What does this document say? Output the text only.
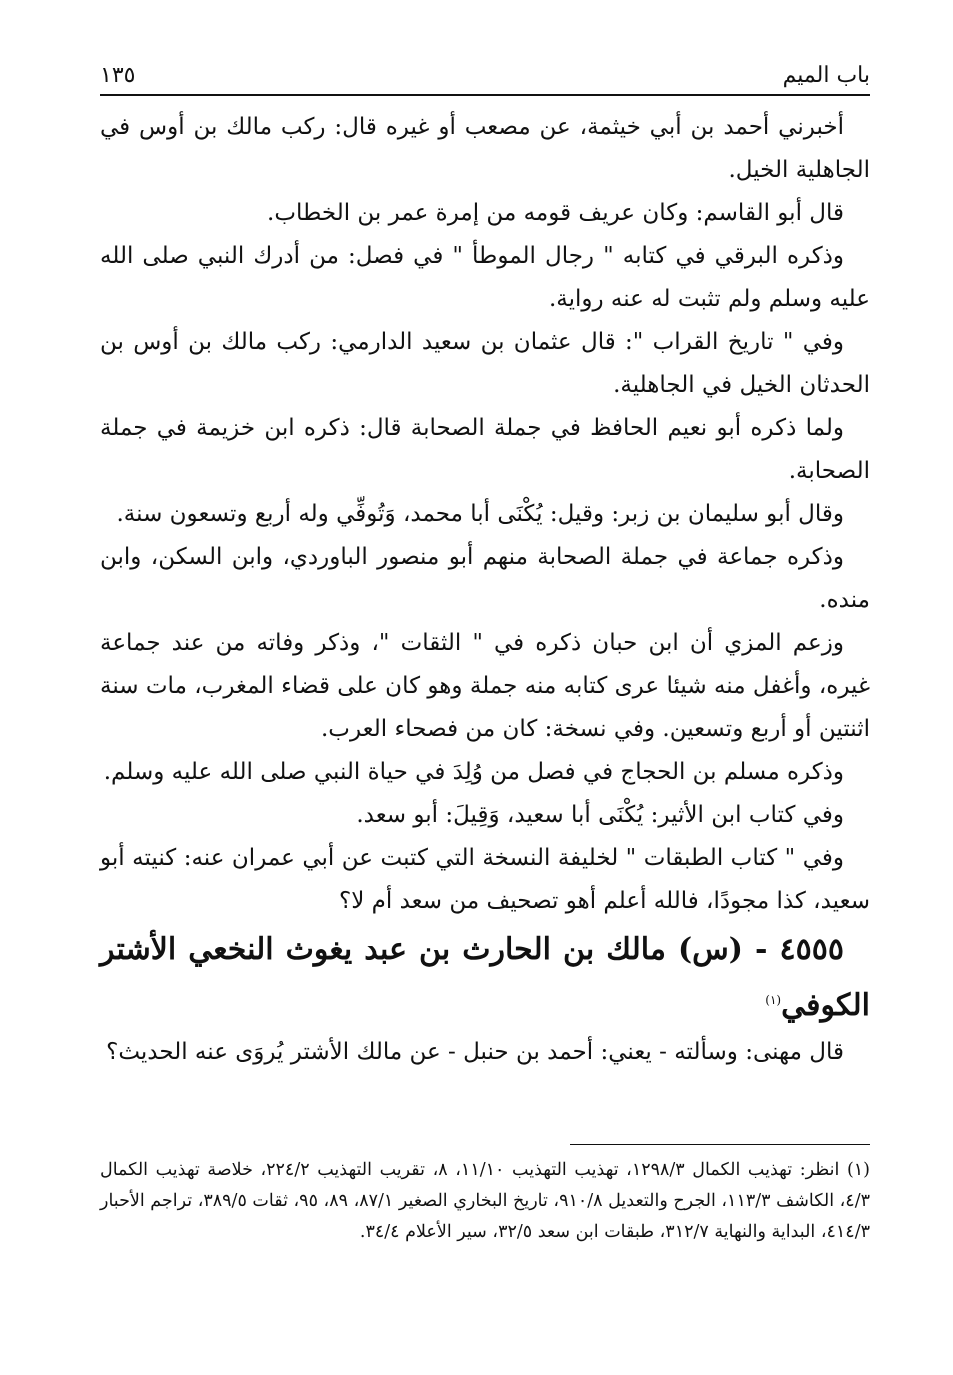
باب الميم
١٣٥

أخبرني أحمد بن أبي خيثمة، عن مصعب أو غيره قال: ركب مالك بن أوس في الجاهلية الخيل.

قال أبو القاسم: وكان عريف قومه من إمرة عمر بن الخطاب.

وذكره البرقي في كتابه " رجال الموطأ " في فصل: من أدرك النبي صلى الله عليه وسلم ولم تثبت له عنه رواية.

وفي " تاريخ القراب ": قال عثمان بن سعيد الدارمي: ركب مالك بن أوس بن الحدثان الخيل في الجاهلية.

ولما ذكره أبو نعيم الحافظ في جملة الصحابة قال: ذكره ابن خزيمة في جملة الصحابة.

وقال أبو سليمان بن زبر: وقيل: يُكْنَى أبا محمد، وَتُوفِّي وله أربع وتسعون سنة.

وذكره جماعة في جملة الصحابة منهم أبو منصور الباوردي، وابن السكن، وابن منده.

وزعم المزي أن ابن حبان ذكره في " الثقات "، وذكر وفاته من عند جماعة غيره، وأغفل منه شيئا عرى كتابه منه جملة وهو كان على قضاء المغرب، مات سنة اثنتين أو أربع وتسعين. وفي نسخة: كان من فصحاء العرب.

وذكره مسلم بن الحجاج في فصل من وُلِدَ في حياة النبي صلى الله عليه وسلم.

وفي كتاب ابن الأثير: يُكْنَى أبا سعيد، وَقِيلَ: أبو سعد.

وفي " كتاب الطبقات " لخليفة النسخة التي كتبت عن أبي عمران عنه: كنيته أبو سعيد، كذا مجودًا، فالله أعلم أهو تصحيف من سعد أم لا؟

٤٥٥٥ - (س) مالك بن الحارث بن عبد يغوث النخعي الأشتر الكوفي$^{(١)}$

قال مهنى: وسألته - يعني: أحمد بن حنبل - عن مالك الأشتر يُروَى عنه الحديث؟

(١) انظر: تهذيب الكمال ١٢٩٨/٣، تهذيب التهذيب ١١/١٠، ٨، تقريب التهذيب ٢٢٤/٢، خلاصة تهذيب الكمال ٤/٣، الكاشف ١١٣/٣، الجرح والتعديل ٩١٠/٨، تاريخ البخاري الصغير ٨٧/١، ٨٩، ٩٥، ثقات ٣٨٩/٥، تراجم الأحبار ٤١٤/٣، البداية والنهاية ٣١٢/٧، طبقات ابن سعد ٣٢/٥، سير الأعلام ٣٤/٤.
